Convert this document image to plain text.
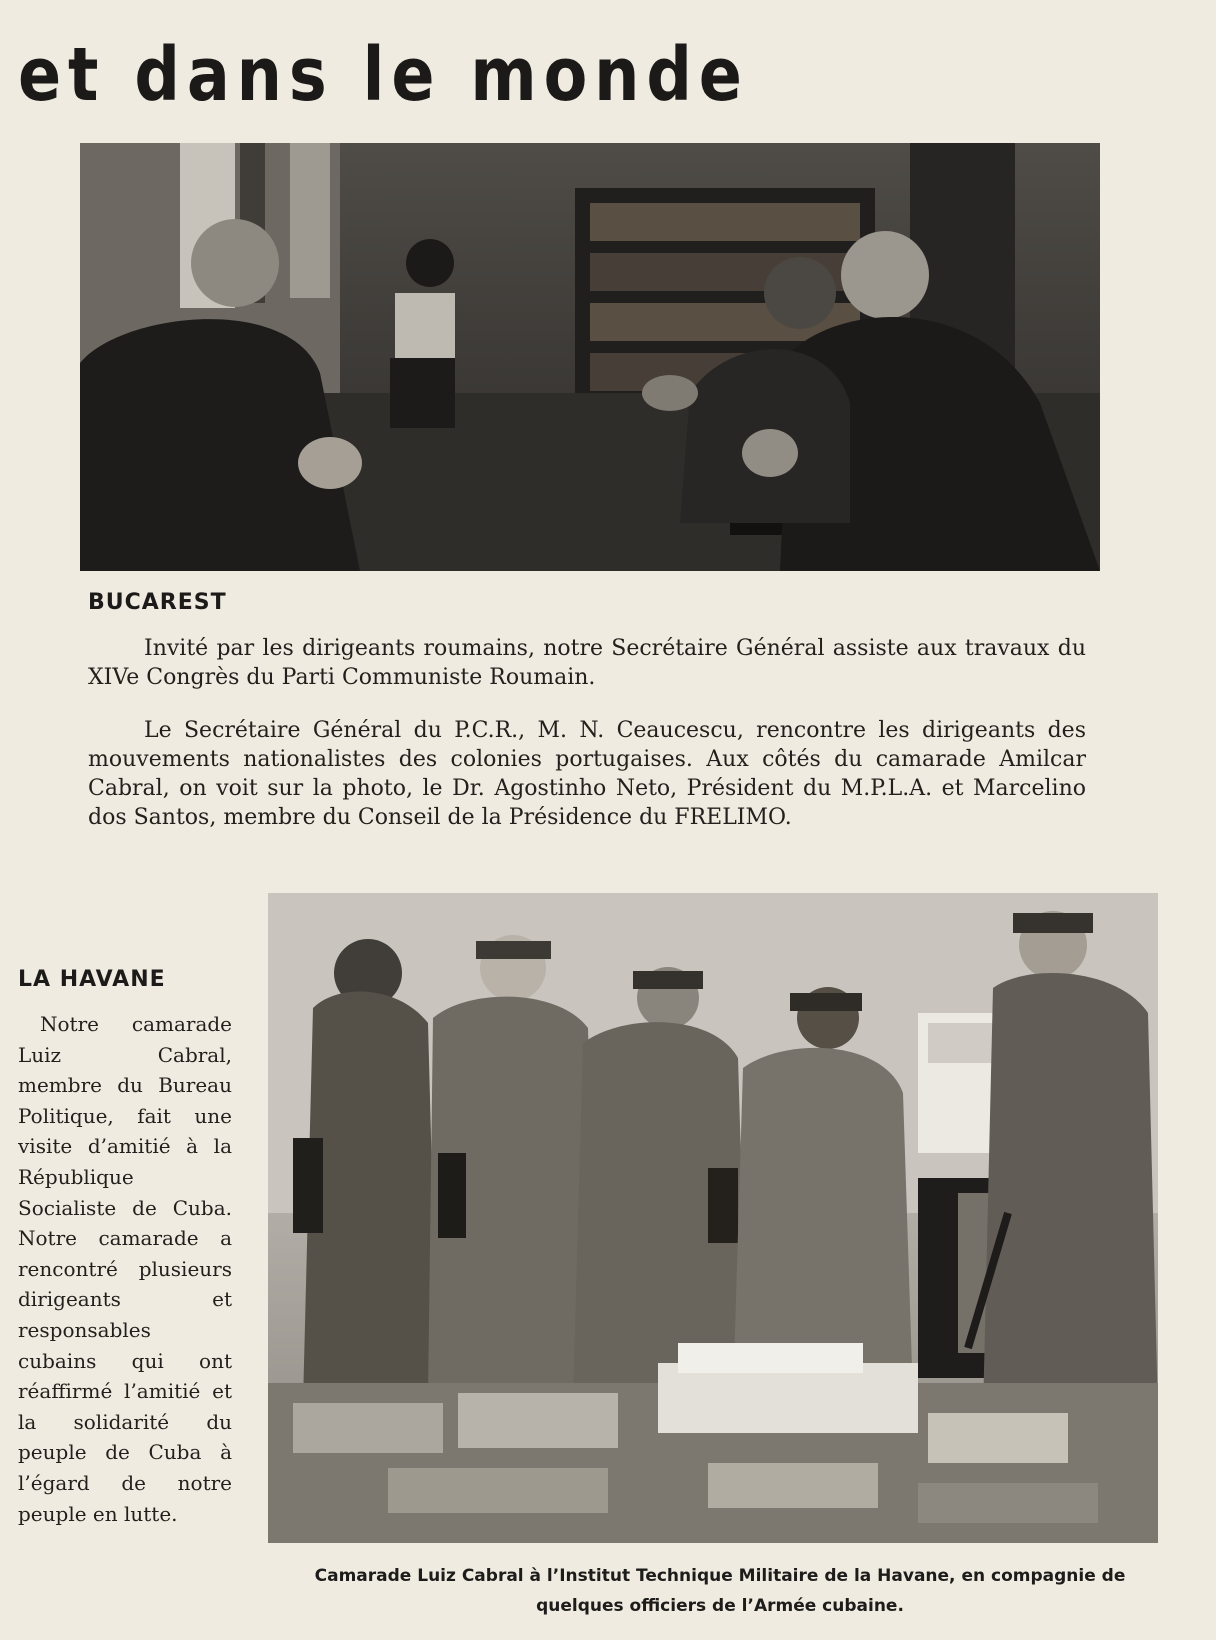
et dans le monde
BUCAREST

Invité par les dirigeants roumains, notre Secrétaire Général assiste aux travaux du XIVe Congrès du Parti Communiste Roumain.

Le Secrétaire Général du P.C.R., M. N. Ceaucescu, rencontre les dirigeants des mouvements nationalistes des colonies portugaises. Aux côtés du camarade Amilcar Cabral, on voit sur la photo, le Dr. Agostinho Neto, Président du M.P.L.A. et Marcelino dos Santos, membre du Conseil de la Présidence du FRELIMO.

LA HAVANE

Notre camarade Luiz Cabral, membre du Bureau Politique, fait une visite d’amitié à la République Socialiste de Cuba. Notre camarade a rencontré plusieurs dirigeants et responsables cubains qui ont réaffirmé l’amitié et la solidarité du peuple de Cuba à l’égard de notre peuple en lutte.

Camarade Luiz Cabral à l’Institut Technique Militaire de la Havane, en compagnie de quelques officiers de l’Armée cubaine.
